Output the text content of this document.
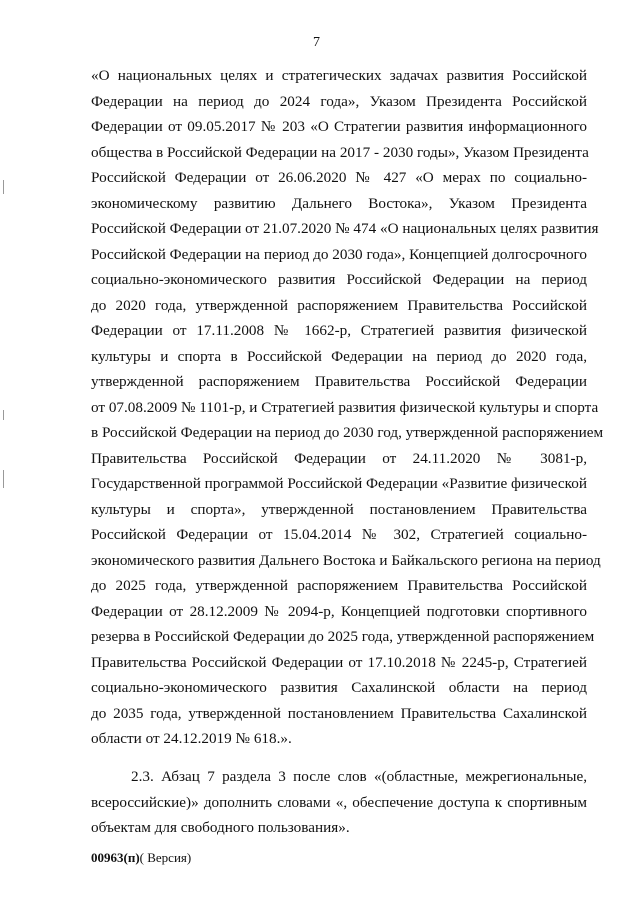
7
«О национальных целях и стратегических задачах развития Российской
Федерации на период до 2024 года», Указом Президента Российской
Федерации от 09.05.2017 № 203 «О Стратегии развития информационного
общества в Российской Федерации на 2017 - 2030 годы», Указом Президента
Российской Федерации от 26.06.2020 № 427 «О мерах по социально-
экономическому развитию Дальнего Востока», Указом Президента
Российской Федерации от 21.07.2020 № 474 «О национальных целях развития
Российской Федерации на период до 2030 года», Концепцией долгосрочного
социально-экономического развития Российской Федерации на период
до 2020 года, утвержденной распоряжением Правительства Российской
Федерации от 17.11.2008 № 1662-р, Стратегией развития физической
культуры и спорта в Российской Федерации на период до 2020 года,
утвержденной распоряжением Правительства Российской Федерации
от 07.08.2009 № 1101-р, и Стратегией развития физической культуры и спорта
в Российской Федерации на период до 2030 год, утвержденной распоряжением
Правительства Российской Федерации от 24.11.2020 № 3081-р,
Государственной программой Российской Федерации «Развитие физической
культуры и спорта», утвержденной постановлением Правительства
Российской Федерации от 15.04.2014 № 302, Стратегией социально-
экономического развития Дальнего Востока и Байкальского региона на период
до 2025 года, утвержденной распоряжением Правительства Российской
Федерации от 28.12.2009 № 2094-р, Концепцией подготовки спортивного
резерва в Российской Федерации до 2025 года, утвержденной распоряжением
Правительства Российской Федерации от 17.10.2018 № 2245-р, Стратегией
социально-экономического развития Сахалинской области на период
до 2035 года, утвержденной постановлением Правительства Сахалинской
области от 24.12.2019 № 618.».
2.3. Абзац 7 раздела 3 после слов «(областные, межрегиональные,
всероссийские)» дополнить словами «, обеспечение доступа к спортивным
объектам для свободного пользования».
00963(п)( Версия)
